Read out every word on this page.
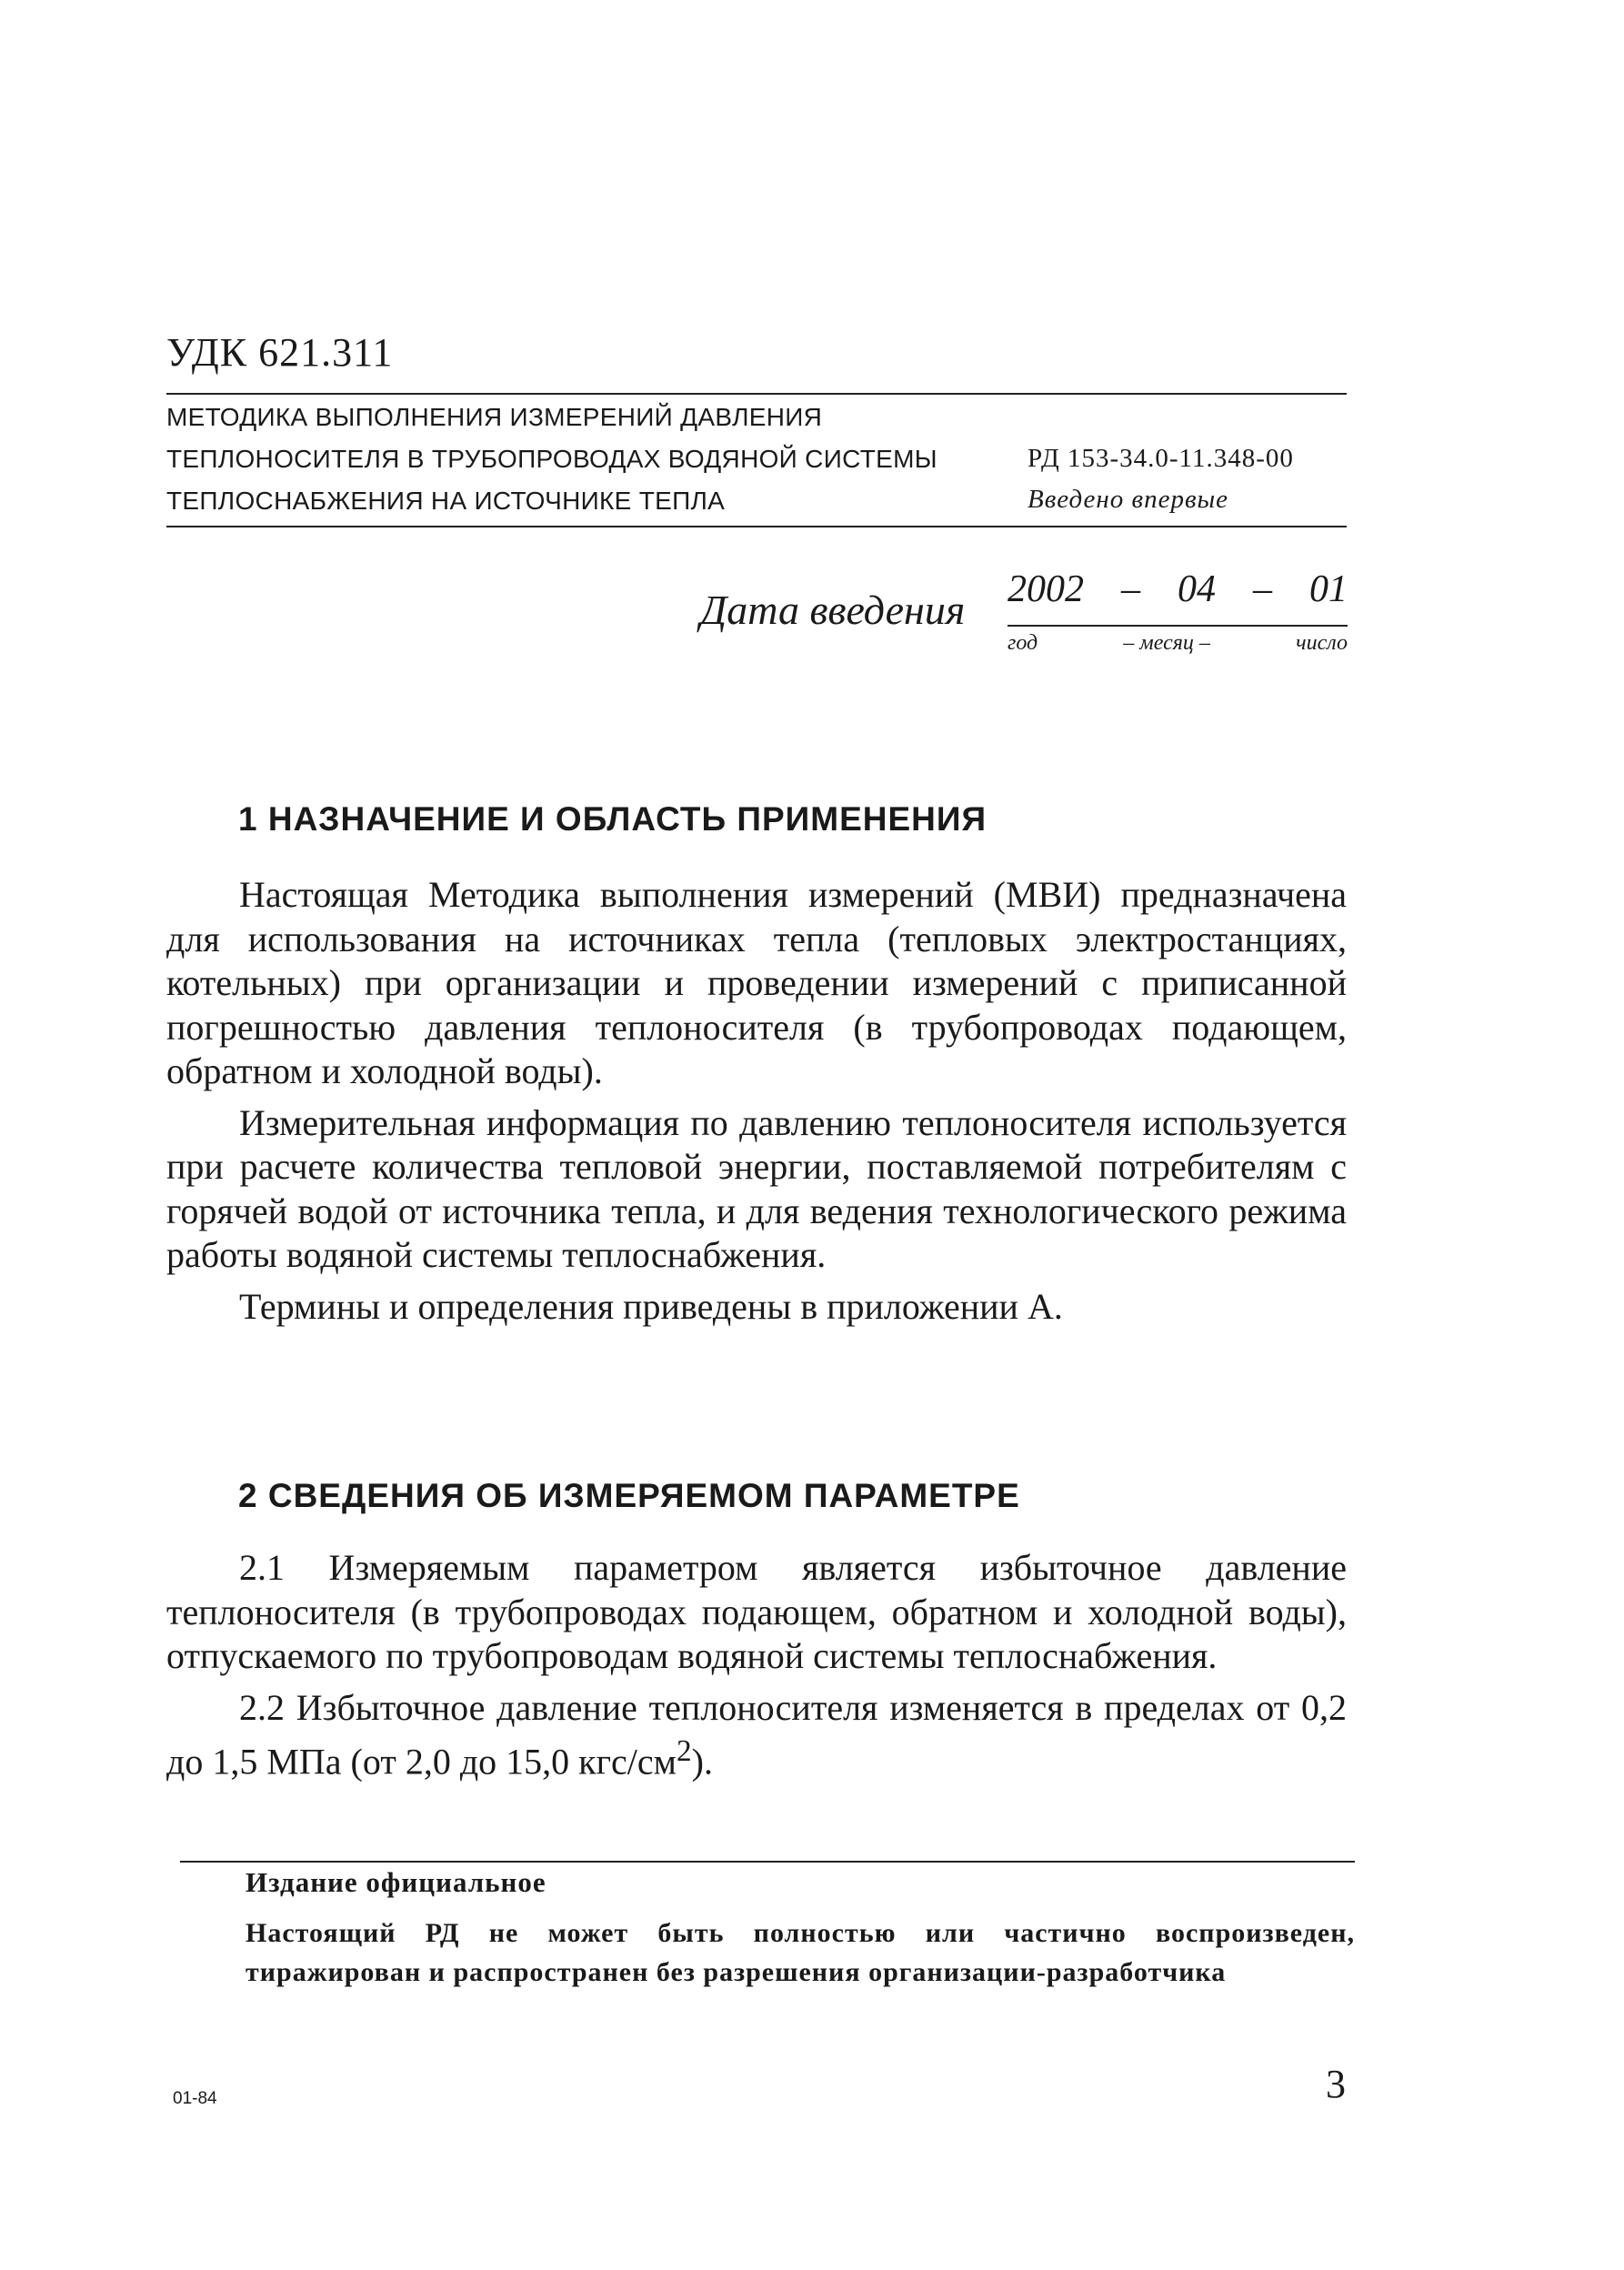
УДК 621.311
МЕТОДИКА ВЫПОЛНЕНИЯ ИЗМЕРЕНИЙ ДАВЛЕНИЯ
ТЕПЛОНОСИТЕЛЯ В ТРУБОПРОВОДАХ ВОДЯНОЙ СИСТЕМЫ
ТЕПЛОСНАБЖЕНИЯ НА ИСТОЧНИКЕ ТЕПЛА
РД 153-34.0-11.348-00
Введено впервые
Дата введения 2002 – 04 – 01
год	– месяц –	число
1 НАЗНАЧЕНИЕ И ОБЛАСТЬ ПРИМЕНЕНИЯ

Настоящая Методика выполнения измерений (МВИ) предназначена для использования на источниках тепла (тепловых электростанциях, котельных) при организации и проведении измерений с приписанной погрешностью давления теплоносителя (в трубопроводах подающем, обратном и холодной воды).

Измерительная информация по давлению теплоносителя используется при расчете количества тепловой энергии, поставляемой потребителям с горячей водой от источника тепла, и для ведения технологического режима работы водяной системы теплоснабжения.

Термины и определения приведены в приложении А.

2 СВЕДЕНИЯ ОБ ИЗМЕРЯЕМОМ ПАРАМЕТРЕ

2.1 Измеряемым параметром является избыточное давление теплоносителя (в трубопроводах подающем, обратном и холодной воды), отпускаемого по трубопроводам водяной системы теплоснабжения.

2.2 Избыточное давление теплоносителя изменяется в пределах от 0,2 до 1,5 МПа (от 2,0 до 15,0 кгс/$см^2$).

Издание официальное
Настоящий РД не может быть полностью или частично воспроизведен, тиражирован и распространен без разрешения организации-разработчика
01-84	3
